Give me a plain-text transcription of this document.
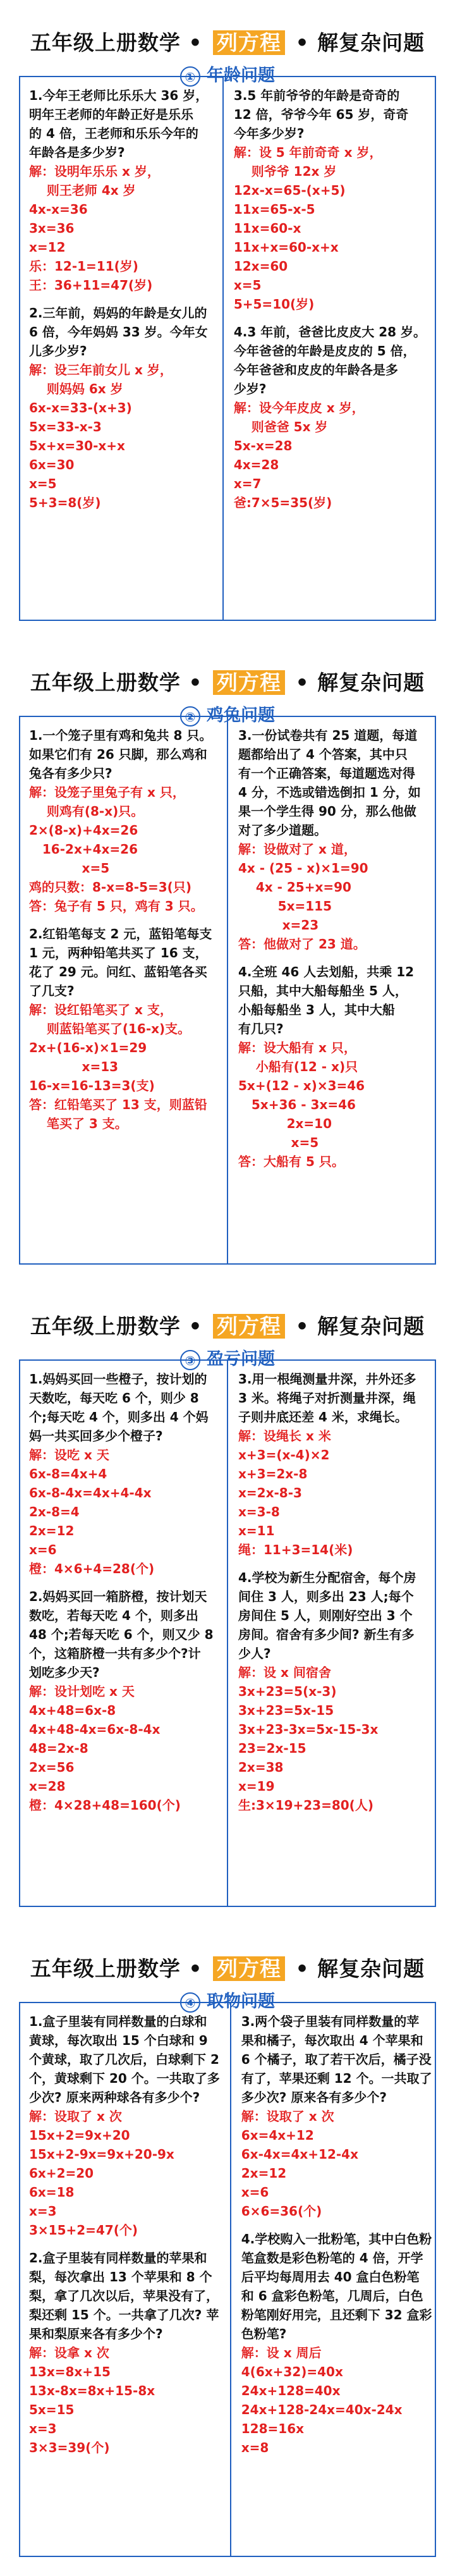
五年级上册数学 • 列方程 • 解复杂问题
① 年龄问题
1.今年王老师比乐乐大 36 岁，
明年王老师的年龄正好是乐乐
的 4 倍，王老师和乐乐今年的
年龄各是多少岁?
解：设明年乐乐 x 岁，
则王老师 4x 岁
4x-x=36
3x=36
x=12
乐：12-1=11(岁)
王：36+11=47(岁)
2.三年前，妈妈的年龄是女儿的
6 倍，今年妈妈 33 岁。今年女
儿多少岁?
解：设三年前女儿 x 岁，
则妈妈 6x 岁
6x-x=33-(x+3)
5x=33-x-3
5x+x=30-x+x
6x=30
x=5
5+3=8(岁)
3.5 年前爷爷的年龄是奇奇的
12 倍，爷爷今年 65 岁，奇奇
今年多少岁?
解：设 5 年前奇奇 x 岁，
则爷爷 12x 岁
12x-x=65-(x+5)
11x=65-x-5
11x=60-x
11x+x=60-x+x
12x=60
x=5
5+5=10(岁)
4.3 年前，爸爸比皮皮大 28 岁。
今年爸爸的年龄是皮皮的 5 倍，
今年爸爸和皮皮的年龄各是多
少岁?
解：设今年皮皮 x 岁，
则爸爸 5x 岁
5x-x=28
4x=28
x=7
爸:7×5=35(岁)
五年级上册数学 • 列方程 • 解复杂问题
② 鸡兔问题
1.一个笼子里有鸡和兔共 8 只。
如果它们有 26 只脚，那么鸡和
兔各有多少只?
解：设笼子里兔子有 x 只，
则鸡有(8-x)只。
2×(8-x)+4x=26
16-2x+4x=26
x=5
鸡的只数：8-x=8-5=3(只)
答：兔子有 5 只，鸡有 3 只。
2.红铅笔每支 2 元，蓝铅笔每支
1 元，两种铅笔共买了 16 支，
花了 29 元。问红、蓝铅笔各买
了几支?
解：设红铅笔买了 x 支，
则蓝铅笔买了(16-x)支。
2x+(16-x)×1=29
x=13
16-x=16-13=3(支)
答：红铅笔买了 13 支，则蓝铅
笔买了 3 支。
3.一份试卷共有 25 道题，每道
题都给出了 4 个答案，其中只
有一个正确答案，每道题选对得
4 分，不选或错选倒扣 1 分，如
果一个学生得 90 分，那么他做
对了多少道题。
解：设做对了 x 道，
4x - (25 - x)×1=90
4x - 25+x=90
5x=115
x=23
答：他做对了 23 道。
4.全班 46 人去划船，共乘 12
只船，其中大船每船坐 5 人，
小船每船坐 3 人，其中大船
有几只?
解：设大船有 x 只，
小船有(12 - x)只
5x+(12 - x)×3=46
5x+36 - 3x=46
2x=10
x=5
答：大船有 5 只。
五年级上册数学 • 列方程 • 解复杂问题
③ 盈亏问题
1.妈妈买回一些橙子，按计划的
天数吃，每天吃 6 个，则少 8
个;每天吃 4 个，则多出 4 个妈
妈一共买回多少个橙子?
解：设吃 x 天
6x-8=4x+4
6x-8-4x=4x+4-4x
2x-8=4
2x=12
x=6
橙：4×6+4=28(个)
2.妈妈买回一箱脐橙，按计划天
数吃，若每天吃 4 个，则多出
48 个;若每天吃 6 个，则又少 8
个，这箱脐橙一共有多少个?计
划吃多少天?
解：设计划吃 x 天
4x+48=6x-8
4x+48-4x=6x-8-4x
48=2x-8
2x=56
x=28
橙：4×28+48=160(个)
3.用一根绳测量井深，井外还多
3 米。将绳子对折测量井深，绳
子则井底还差 4 米，求绳长。
解：设绳长 x 米
x+3=(x-4)×2
x+3=2x-8
x=2x-8-3
x=3-8
x=11
绳：11+3=14(米)
4.学校为新生分配宿舍，每个房
间住 3 人，则多出 23 人;每个
房间住 5 人，则刚好空出 3 个
房间。宿舍有多少间? 新生有多
少人?
解：设 x 间宿舍
3x+23=5(x-3)
3x+23=5x-15
3x+23-3x=5x-15-3x
23=2x-15
2x=38
x=19
生:3×19+23=80(人)
五年级上册数学 • 列方程 • 解复杂问题
④ 取物问题
1.盒子里装有同样数量的白球和
黄球，每次取出 15 个白球和 9
个黄球，取了几次后，白球剩下 2
个，黄球剩下 20 个。一共取了多
少次? 原来两种球各有多少个?
解：设取了 x 次
15x+2=9x+20
15x+2-9x=9x+20-9x
6x+2=20
6x=18
x=3
3×15+2=47(个)
2.盒子里装有同样数量的苹果和
梨，每次拿出 13 个苹果和 8 个
梨，拿了几次以后，苹果没有了，
梨还剩 15 个。一共拿了几次? 苹
果和梨原来各有多少个?
解：设拿 x 次
13x=8x+15
13x-8x=8x+15-8x
5x=15
x=3
3×3=39(个)
3.两个袋子里装有同样数量的苹
果和橘子，每次取出 4 个苹果和
6 个橘子，取了若干次后，橘子没
有了，苹果还剩 12 个。一共取了
多少次? 原来各有多少个?
解：设取了 x 次
6x=4x+12
6x-4x=4x+12-4x
2x=12
x=6
6×6=36(个)
4.学校购入一批粉笔，其中白色粉
笔盒数是彩色粉笔的 4 倍，开学
后平均每周用去 40 盒白色粉笔
和 6 盒彩色粉笔，几周后，白色
粉笔刚好用完，且还剩下 32 盒彩
色粉笔?
解：设 x 周后
4(6x+32)=40x
24x+128=40x
24x+128-24x=40x-24x
128=16x
x=8
